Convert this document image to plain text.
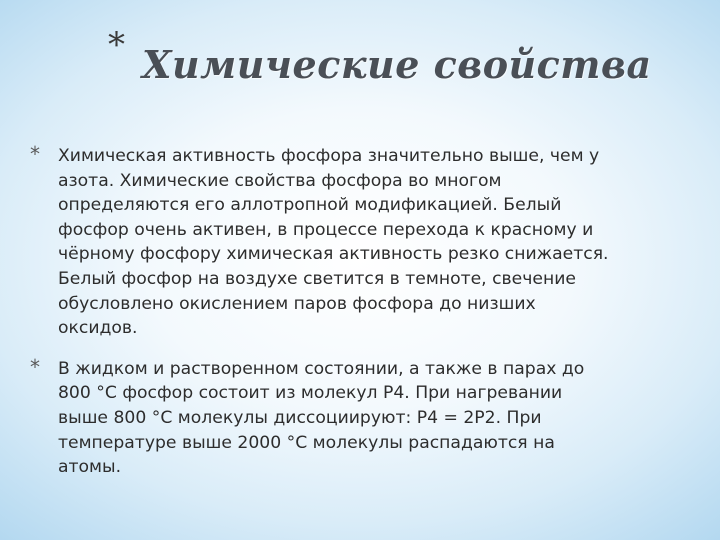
* Химические свойства
* Химическая активность фосфора значительно выше, чем у
азота. Химические свойства фосфора во многом
определяются его аллотропной модификацией. Белый
фосфор очень активен, в процессе перехода к красному и
чёрному фосфору химическая активность резко снижается.
Белый фосфор на воздухе светится в темноте, свечение
обусловлено окислением паров фосфора до низших
оксидов.
* В жидком и растворенном состоянии, а также в парах до
800 °С фосфор состоит из молекул Р4. При нагревании
выше 800 °С молекулы диссоциируют: Р4 = 2Р2. При
температуре выше 2000 °С молекулы распадаются на
атомы.
